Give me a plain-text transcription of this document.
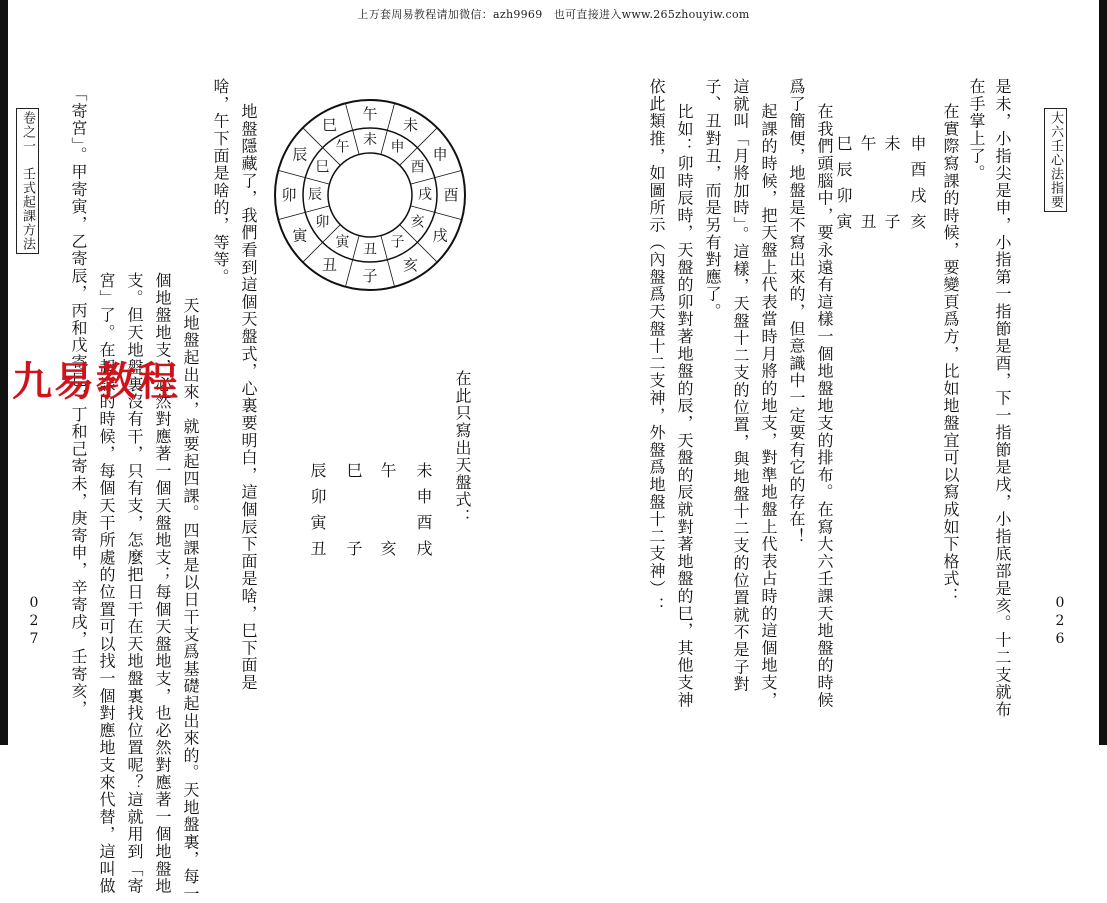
上万套周易教程请加微信：azh9969　也可直接进入www.265zhouyiw.com
大六壬心法指要
026
是未，小指尖是申，小指第一指節是酉，下一指節是戌，小指底部是亥。十二支就布
在手掌上了。
在實際寫課的時候，要變頁爲方，比如地盤宜可以寫成如下格式：
申酉戌亥
未　　子
午　　丑
巳辰卯寅
在我們頭腦中，要永遠有這樣一個地盤地支的排布。在寫大六壬課天地盤的時候
爲了簡便，地盤是不寫出來的，但意識中一定要有它的存在！
起課的時候，把天盤上代表當時月將的地支，對準地盤上代表占時的這個地支，
這就叫「月將加時」。這樣，天盤十二支的位置，與地盤十二支的位置就不是子對
子、丑對丑，而是另有對應了。
比如：卯時辰時，天盤的卯對著地盤的辰，天盤的辰就對著地盤的巳，其他支神
依此類推，如圖所示（內盤爲天盤十二支神，外盤爲地盤十二支神）：
地盤隱藏了，我們看到這個天盤式，心裏要明白，這個辰下面是啥，巳下面是
啥，午下面是啥的，等等。
在此只寫出天盤式：
未申酉戌
午　　亥
巳　　子
辰卯寅丑
午
未
申
酉
戌
亥
子
丑
寅
卯
辰
巳
未 申
酉
戌
亥
子
丑
寅
卯
辰
巳
午
天地盤起出來，就要起四課。四課是以日干支爲基礎起出來的。天地盤裏，每一
個地盤地支，必然對應著一個天盤地支；每個天盤地支，也必然對應著一個地盤地
支。但天地盤裏沒有干，只有支，怎麼把日干在天地盤裏找位置呢？這就用到「寄
宮」了。在起課的時候，每個天干所處的位置可以找一個對應地支來代替，這叫做
「寄宮」。甲寄寅，乙寄辰，丙和戊寄巳，丁和己寄未，庚寄申，辛寄戌，壬寄亥，
卷之一　壬式起課方法
027
九易教程
